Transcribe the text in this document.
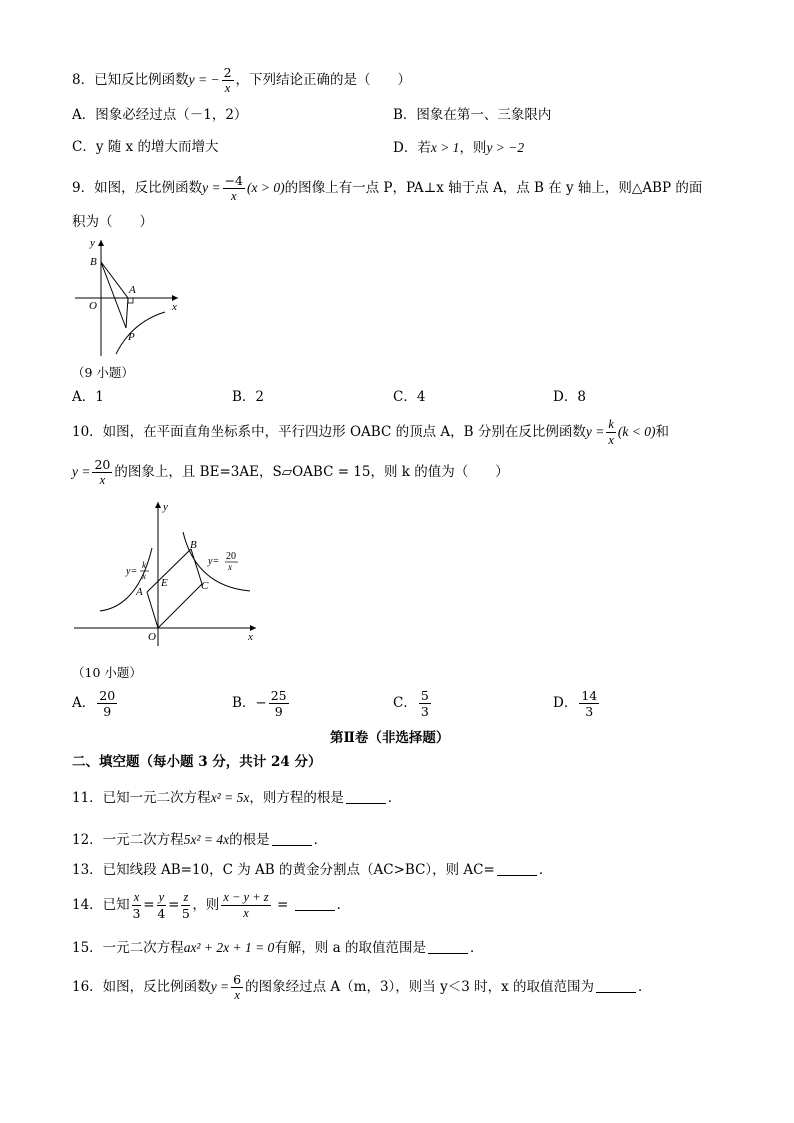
8．已知反比例函数y = − $\frac{2}{x}$ ，下列结论正确的是（　　）
A．图象必经过点（－1，2）	B．图象在第一、三象限内
C．y 随 x 的增大而增大	D．若x > 1，则y > −2
9．如图，反比例函数$y = \frac{-4}{x} (x > 0)$的图像上有一点 P，PA⊥x 轴于点 A，点 B 在 y 轴上，则△ABP 的面
积为（　　）
y
x
O
B
A
P
（9 小题）
A．1	B．2	C．4	D．8
10．如图，在平面直角坐标系中，平行四边形 OABC 的顶点 A，B 分别在反比例函数$y = \frac{k}{x} (k < 0)$和
$y = \frac{20}{x}$ 的图象上，且 BE=3AE，S▱OABC = 15，则 k 的值为（　　）
y
x
O
A
B
C
E
y=
k
x
y= 20
x
（10 小题）
A． $\frac{20}{9}$	B．− $\frac{25}{9}$	C． $\frac{5}{3}$	D． $\frac{14}{3}$
第Ⅱ卷（非选择题）
二、填空题（每小题 3 分，共计 24 分）
11．已知一元二次方程x² = 5x，则方程的根是	．
12．一元二次方程5x² = 4x的根是	．
13．已知线段 AB=10，C 为 AB 的黄金分割点（AC>BC），则 AC=	．
14．已知 $\frac{x}{3} = \frac{y}{4} = \frac{z}{5}$ ，则 $\frac{x - y + z}{x}$ =	．
15．一元二次方程ax² + 2x + 1 = 0有解，则 a 的取值范围是	．
16．如图，反比例函数$y = \frac{6}{x}$ 的图象经过点 A（m，3），则当 y＜3 时，x 的取值范围为	．
